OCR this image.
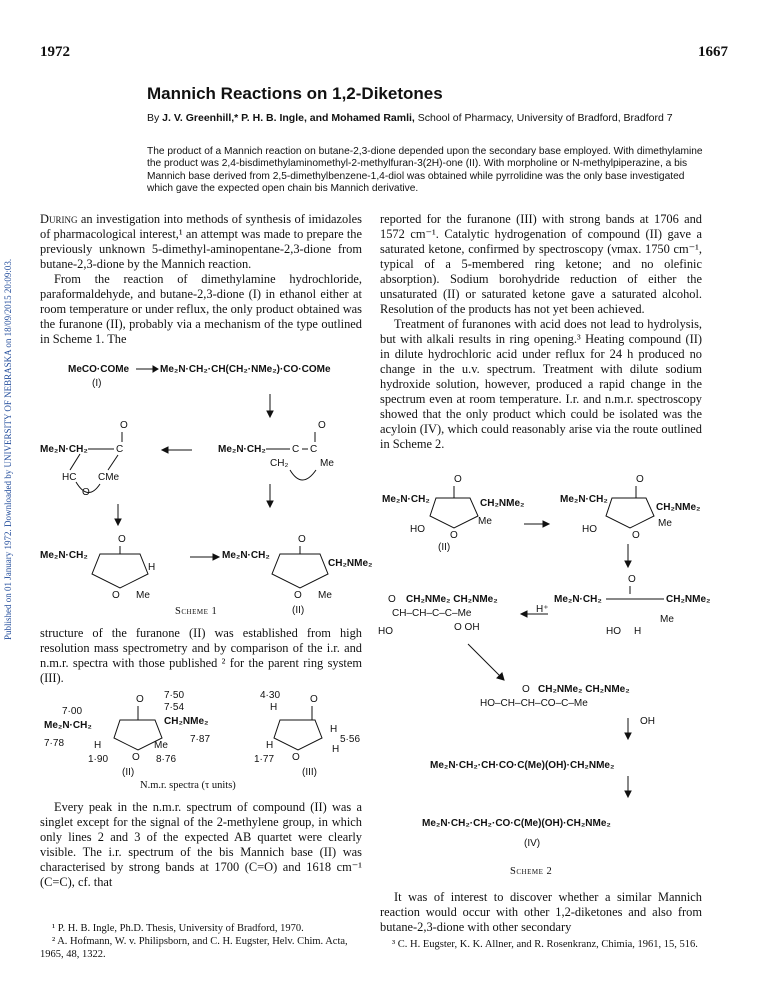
1972	1667
Mannich Reactions on 1,2-Diketones
By J. V. Greenhill,* P. H. B. Ingle, and Mohamed Ramli, School of Pharmacy, University of Bradford, Bradford 7
The product of a Mannich reaction on butane-2,3-dione depended upon the secondary base employed. With dimethylamine the product was 2,4-bisdimethylaminomethyl-2-methylfuran-3(2H)-one (II). With morpholine or N-methylpiperazine, a bis Mannich base derived from 2,5-dimethylbenzene-1,4-diol was obtained while pyrrolidine was the only base investigated which gave the expected open chain bis Mannich derivative.
Published on 01 January 1972. Downloaded by UNIVERSITY OF NEBRASKA on 18/09/2015 20:09:03.

During an investigation into methods of synthesis of imidazoles of pharmacological interest,¹ an attempt was made to prepare the previously unknown 5-dimethyl-aminopentane-2,3-dione from butane-2,3-dione by the Mannich reaction.

From the reaction of dimethylamine hydrochloride, paraformaldehyde, and butane-2,3-dione (I) in ethanol either at room temperature or under reflux, the only product obtained was the furanone (II), probably via a mechanism of the type outlined in Scheme 1. The

MeCO·COMe	Me₂N·CH₂·CH(CH₂·NMe₂)·CO·COMe
(I)
Me₂N·CH₂	C
O
HC CMe
O
Me₂N·CH₂	C C
O
CH₂	Me
Me₂N·CH₂
O
H
O Me
Me₂N·CH₂
O
CH₂NMe₂
O Me
(II)
Scheme 1

structure of the furanone (II) was established from high resolution mass spectrometry and by comparison of the i.r. and n.m.r. spectra with those published ² for the parent ring system (III).

7·00
7·50
7·54
Me₂N·CH₂
O
CH₂NMe₂
7·87
7·78	H
O
Me
1·90	8·76
(II)
4·30
H
O
H
5·56
H
H
O
1·77
(III)
N.m.r. spectra (τ units)

Every peak in the n.m.r. spectrum of compound (II) was a singlet except for the signal of the 2-methylene group, in which only lines 2 and 3 of the expected AB quartet were clearly visible. The i.r. spectrum of the bis Mannich base (II) was characterised by strong bands at 1700 (C=O) and 1618 cm⁻¹ (C=C), cf. that

¹ P. H. B. Ingle, Ph.D. Thesis, University of Bradford, 1970.
² A. Hofmann, W. v. Philipsborn, and C. H. Eugster, Helv. Chim. Acta, 1965, 48, 1322.

reported for the furanone (III) with strong bands at 1706 and 1572 cm⁻¹. Catalytic hydrogenation of compound (II) gave a saturated ketone, confirmed by spectroscopy (νmax. 1750 cm⁻¹, typical of a 5-membered ring ketone; and no olefinic absorption). Sodium borohydride reduction of either the unsaturated (II) or saturated ketone gave a saturated alcohol. Resolution of the products has not yet been achieved.

Treatment of furanones with acid does not lead to hydrolysis, but with alkali results in ring opening.³ Heating compound (II) in dilute hydrochloric acid under reflux for 24 h produced no change in the u.v. spectrum. Treatment with dilute sodium hydroxide solution, however, produced a rapid change in the spectrum even at room temperature. I.r. and n.m.r. spectroscopy showed that the only product which could be isolated was the acyloin (IV), which could reasonably arise via the route outlined in Scheme 2.

Me₂N·CH₂
O
CH₂NMe₂
HO
O
Me
(II)
Me₂N·CH₂
O
CH₂NMe₂
HO
O
Me
O CH₂NMe₂ CH₂NMe₂
CH–CH–C–C–Me
O OH
HO
H⁺
Me₂N·CH₂	CH₂NMe₂
O
Me
HO H
O CH₂NMe₂ CH₂NMe₂
HO–CH–CH–CO–C–Me
OH
Me₂N·CH₂·CH·CO·C(Me)(OH)·CH₂NMe₂
Me₂N·CH₂·CH₂·CO·C(Me)(OH)·CH₂NMe₂
(IV)
Scheme 2

It was of interest to discover whether a similar Mannich reaction would occur with other 1,2-diketones and also from butane-2,3-dione with other secondary

³ C. H. Eugster, K. K. Allner, and R. Rosenkranz, Chimia, 1961, 15, 516.
